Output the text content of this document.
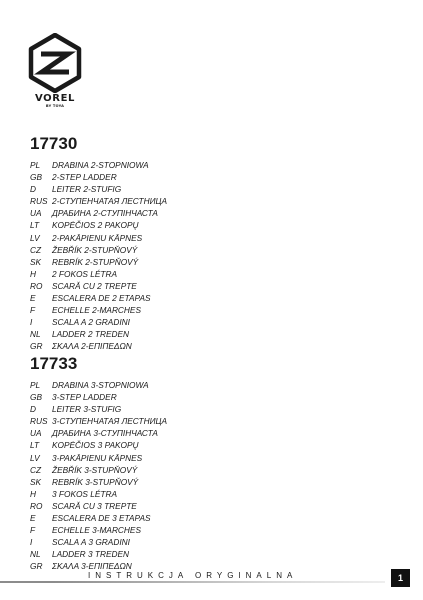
VOREL
BY TOYA
17730
PL DRABINA 2-STOPNIOWA
GB 2-STEP LADDER
D LEITER 2-STUFIG
RUS 2-СТУПЕНЧАТАЯ ЛЕСТНИЦА
UA ДРАБИНА 2-СТУПІНЧАСТА
LT KOPĖČIOS 2 PAKOPŲ
LV 2-PAKĀPIENU KĀPNES
CZ ŽEBŘÍK 2-STUPŇOVÝ
SK REBRÍK 2-STUPŇOVÝ
H 2 FOKOS LÉTRA
RO SCARĂ CU 2 TREPTE
E ESCALERA DE 2 ETAPAS
F ECHELLE 2-MARCHES
I SCALA A 2 GRADINI
NL LADDER 2 TREDEN
GR ΣΚΑΛΑ 2-ΕΠΙΠΕΔΩΝ
17733
PL DRABINA 3-STOPNIOWA
GB 3-STEP LADDER
D LEITER 3-STUFIG
RUS 3-СТУПЕНЧАТАЯ ЛЕСТНИЦА
UA ДРАБИНА 3-СТУПІНЧАСТА
LT KOPĖČIOS 3 PAKOPŲ
LV 3-PAKĀPIENU KĀPNES
CZ ŽEBŘÍK 3-STUPŇOVÝ
SK REBRÍK 3-STUPŇOVÝ
H 3 FOKOS LÉTRA
RO SCARĂ CU 3 TREPTE
E ESCALERA DE 3 ETAPAS
F ECHELLE 3-MARCHES
I SCALA A 3 GRADINI
NL LADDER 3 TREDEN
GR ΣΚΑΛΑ 3-ΕΠΙΠΕΔΩΝ
INSTRUKCJA ORYGINALNA	1
